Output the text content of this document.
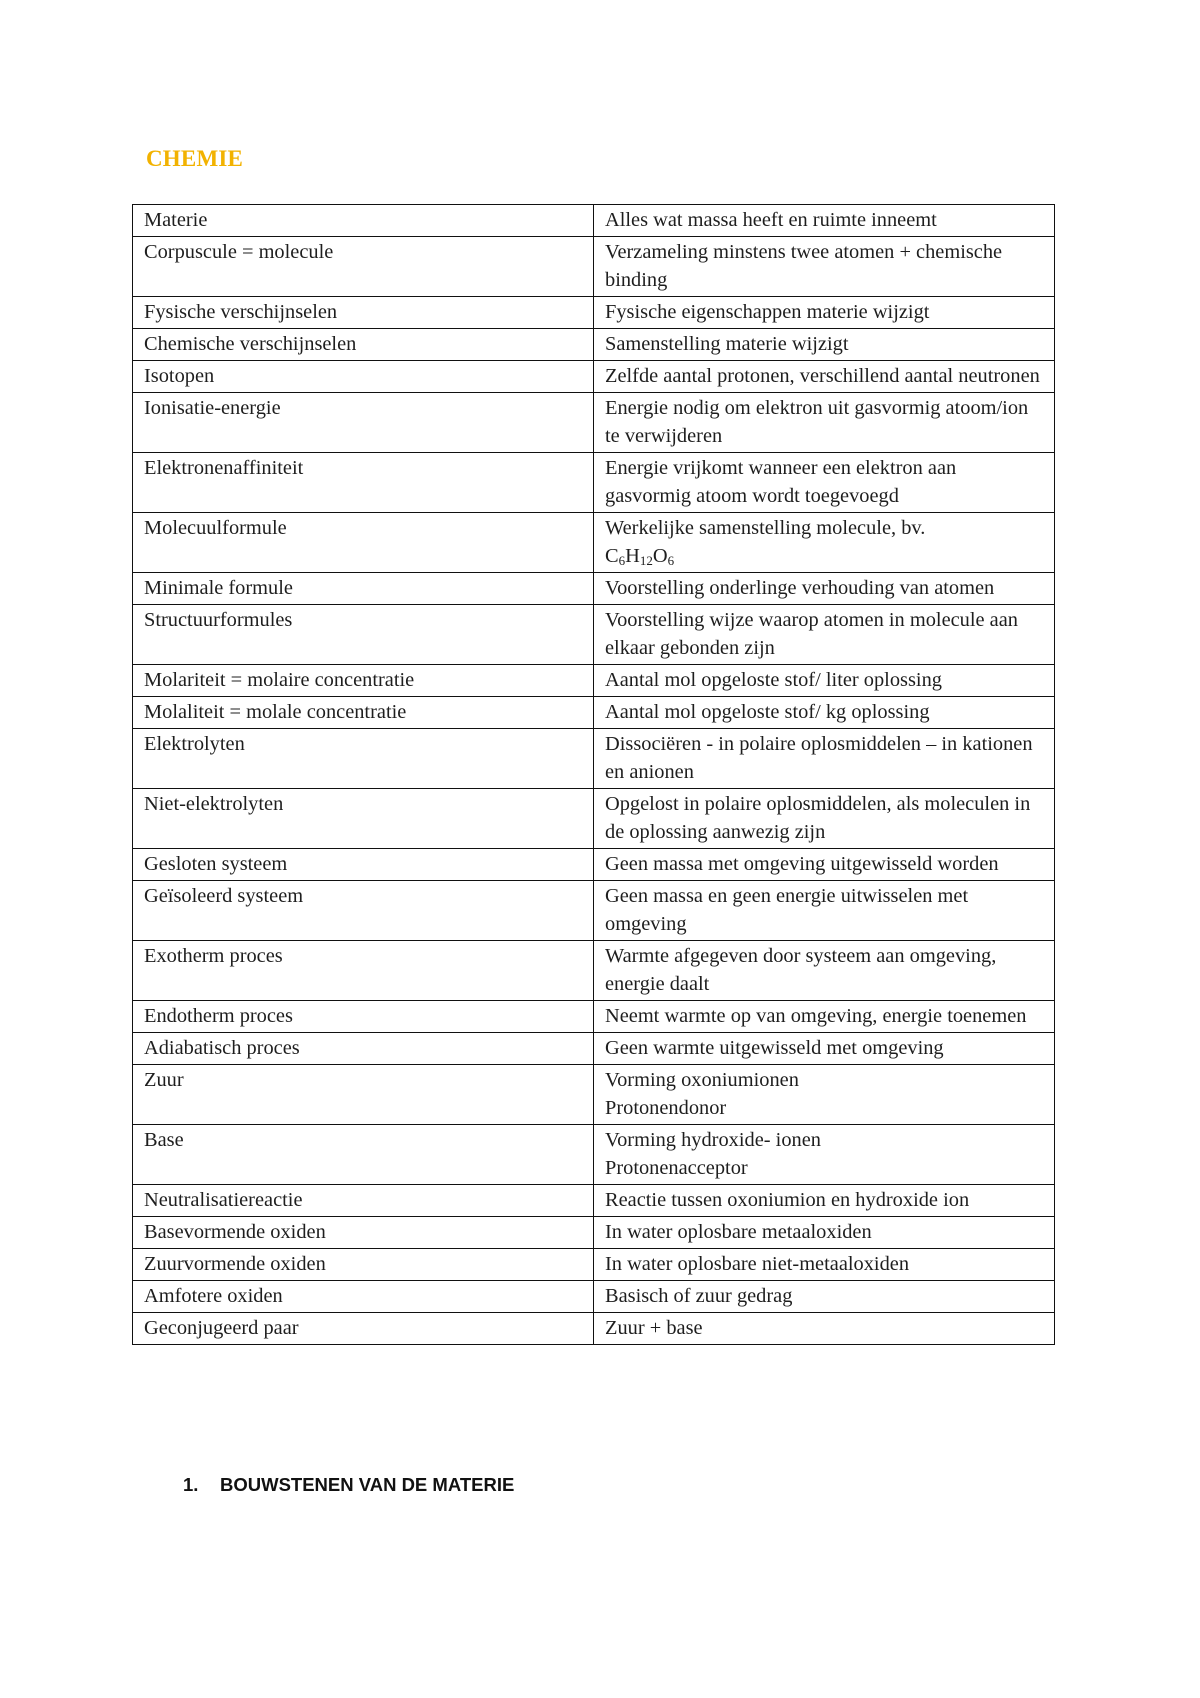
CHEMIE
Materie	Alles wat massa heeft en ruimte inneemt
Corpuscule = molecule	Verzameling minstens twee atomen + chemische binding
Fysische verschijnselen	Fysische eigenschappen materie wijzigt
Chemische verschijnselen	Samenstelling materie wijzigt
Isotopen	Zelfde aantal protonen, verschillend aantal neutronen
Ionisatie-energie	Energie nodig om elektron uit gasvormig atoom/ion te verwijderen
Elektronenaffiniteit	Energie vrijkomt wanneer een elektron aan gasvormig atoom wordt toegevoegd
Molecuulformule	Werkelijke samenstelling molecule, bv.
$C_6H_{12}O_6$
Minimale formule	Voorstelling onderlinge verhouding van atomen
Structuurformules	Voorstelling wijze waarop atomen in molecule aan elkaar gebonden zijn
Molariteit = molaire concentratie	Aantal mol opgeloste stof/ liter oplossing
Molaliteit = molale concentratie	Aantal mol opgeloste stof/ kg oplossing
Elektrolyten	Dissociëren - in polaire oplosmiddelen – in kationen en anionen
Niet-elektrolyten	Opgelost in polaire oplosmiddelen, als moleculen in de oplossing aanwezig zijn
Gesloten systeem	Geen massa met omgeving uitgewisseld worden
Geïsoleerd systeem	Geen massa en geen energie uitwisselen met omgeving
Exotherm proces	Warmte afgegeven door systeem aan omgeving, energie daalt
Endotherm proces	Neemt warmte op van omgeving, energie toenemen
Adiabatisch proces	Geen warmte uitgewisseld met omgeving
Zuur	Vorming oxoniumionen
Protonendonor
Base	Vorming hydroxide- ionen
Protonenacceptor
Neutralisatiereactie	Reactie tussen oxoniumion en hydroxide ion
Basevormende oxiden	In water oplosbare metaaloxiden
Zuurvormende oxiden	In water oplosbare niet-metaaloxiden
Amfotere oxiden	Basisch of zuur gedrag
Geconjugeerd paar	Zuur + base
1. BOUWSTENEN VAN DE MATERIE
